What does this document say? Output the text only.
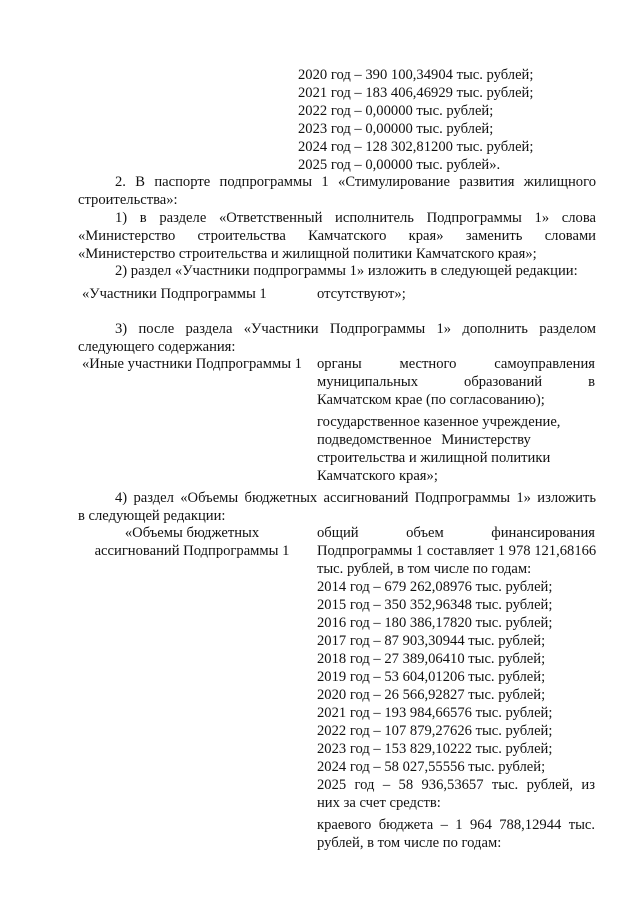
2020 год – 390 100,34904 тыс. рублей;
2021 год – 183 406,46929 тыс. рублей;
2022 год – 0,00000 тыс. рублей;
2023 год – 0,00000 тыс. рублей;
2024 год – 128 302,81200 тыс. рублей;
2025 год – 0,00000 тыс. рублей».
2. В паспорте подпрограммы 1 «Стимулирование развития жилищного
строительства»:
1) в разделе «Ответственный исполнитель Подпрограммы 1» слова
«Министерство строительства Камчатского края» заменить словами
«Министерство строительства и жилищной политики Камчатского края»;
2) раздел «Участники подпрограммы 1» изложить в следующей редакции:
«Участники Подпрограммы 1	отсутствуют»;
3) после раздела «Участники Подпрограммы 1» дополнить разделом
следующего содержания:
«Иные участники Подпрограммы 1 органы местного самоуправления
муниципальных образований в
Камчатском крае (по согласованию);
государственное казенное учреждение,
подведомственное Министерству
строительства и жилищной политики
Камчатского края»;
4) раздел «Объемы бюджетных ассигнований Подпрограммы 1» изложить
в следующей редакции:
«Объемы бюджетных
ассигнований Подпрограммы 1
общий объем финансирования
Подпрограммы 1 составляет 1 978 121,68166
тыс. рублей, в том числе по годам:
2014 год – 679 262,08976 тыс. рублей;
2015 год – 350 352,96348 тыс. рублей;
2016 год – 180 386,17820 тыс. рублей;
2017 год – 87 903,30944 тыс. рублей;
2018 год – 27 389,06410 тыс. рублей;
2019 год – 53 604,01206 тыс. рублей;
2020 год – 26 566,92827 тыс. рублей;
2021 год – 193 984,66576 тыс. рублей;
2022 год – 107 879,27626 тыс. рублей;
2023 год – 153 829,10222 тыс. рублей;
2024 год – 58 027,55556 тыс. рублей;
2025 год – 58 936,53657 тыс. рублей, из
них за счет средств:
краевого бюджета – 1 964 788,12944 тыс.
рублей, в том числе по годам:
